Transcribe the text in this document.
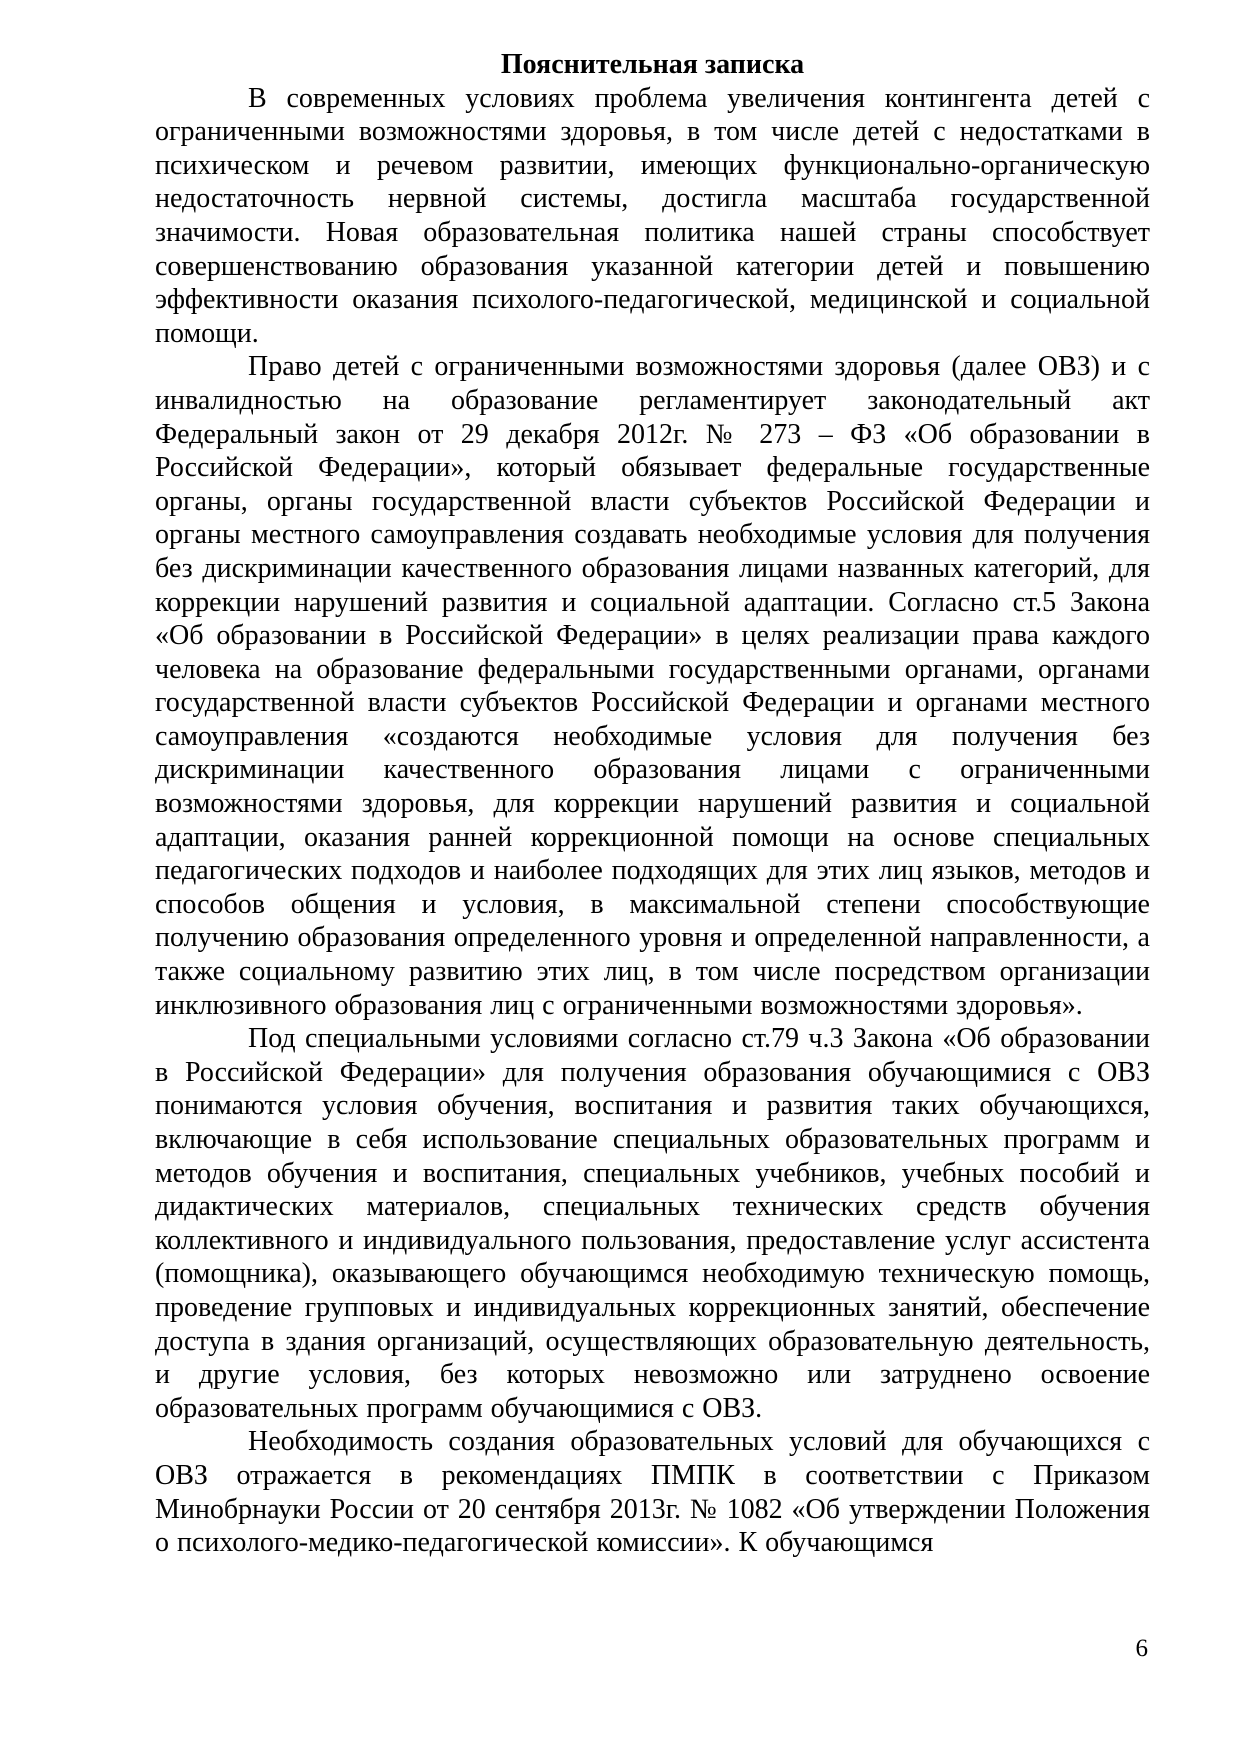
Пояснительная записка

В современных условиях проблема увеличения контингента детей с ограниченными возможностями здоровья, в том числе детей с недостатками в психическом и речевом развитии, имеющих функционально-органическую недостаточность нервной системы, достигла масштаба государственной значимости. Новая образовательная политика нашей страны способствует совершенствованию образования указанной категории детей и повышению эффективности оказания психолого-педагогической, медицинской и социальной помощи.

Право детей с ограниченными возможностями здоровья (далее ОВЗ) и с инвалидностью на образование регламентирует законодательный акт Федеральный закон от 29 декабря 2012г. № 273 – ФЗ «Об образовании в Российской Федерации», который обязывает федеральные государственные органы, органы государственной власти субъектов Российской Федерации и органы местного самоуправления создавать необходимые условия для получения без дискриминации качественного образования лицами названных категорий, для коррекции нарушений развития и социальной адаптации. Согласно ст.5 Закона «Об образовании в Российской Федерации» в целях реализации права каждого человека на образование федеральными государственными органами, органами государственной власти субъектов Российской Федерации и органами местного самоуправления «создаются необходимые условия для получения без дискриминации качественного образования лицами с ограниченными возможностями здоровья, для коррекции нарушений развития и социальной адаптации, оказания ранней коррекционной помощи на основе специальных педагогических подходов и наиболее подходящих для этих лиц языков, методов и способов общения и условия, в максимальной степени способствующие получению образования определенного уровня и определенной направленности, а также социальному развитию этих лиц, в том числе посредством организации инклюзивного образования лиц с ограниченными возможностями здоровья».

Под специальными условиями согласно ст.79 ч.3 Закона «Об образовании в Российской Федерации» для получения образования обучающимися с ОВЗ понимаются условия обучения, воспитания и развития таких обучающихся, включающие в себя использование специальных образовательных программ и методов обучения и воспитания, специальных учебников, учебных пособий и дидактических материалов, специальных технических средств обучения коллективного и индивидуального пользования, предоставление услуг ассистента (помощника), оказывающего обучающимся необходимую техническую помощь, проведение групповых и индивидуальных коррекционных занятий, обеспечение доступа в здания организаций, осуществляющих образовательную деятельность, и другие условия, без которых невозможно или затруднено освоение образовательных программ обучающимися с ОВЗ.

Необходимость создания образовательных условий для обучающихся с ОВЗ отражается в рекомендациях ПМПК в соответствии с Приказом Минобрнауки России от 20 сентября 2013г. № 1082 «Об утверждении Положения о психолого-медико-педагогической комиссии». К обучающимся

6
